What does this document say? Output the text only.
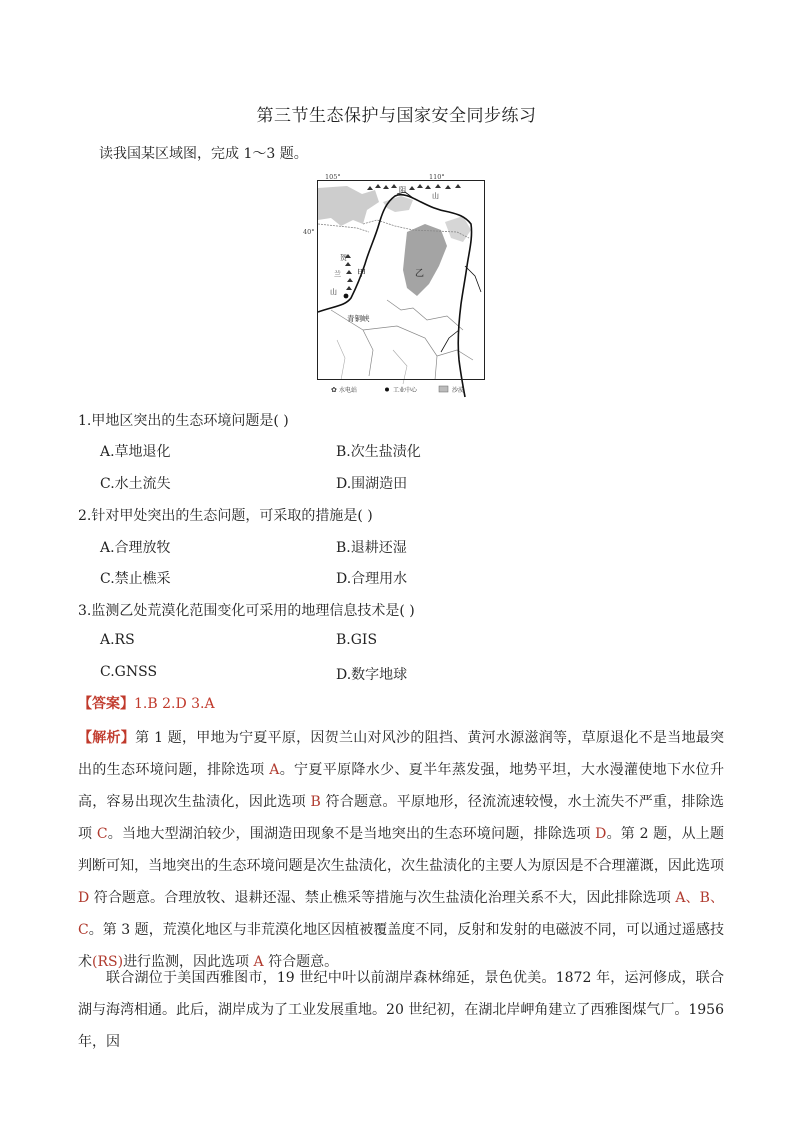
第三节生态保护与国家安全同步练习
读我国某区域图，完成 1～3 题。
105°	110°
40°
阴
山
贺
兰
山
甲	乙
青铜峡
✿ 水电站	工业中心	沙漠
1.甲地区突出的生态环境问题是( )
A.草地退化	B.次生盐渍化
C.水土流失	D.围湖造田
2.针对甲处突出的生态问题，可采取的措施是( )
A.合理放牧	B.退耕还湿
C.禁止樵采	D.合理用水
3.监测乙处荒漠化范围变化可采用的地理信息技术是( )
A.RS	B.GIS
C.GNSS	D.数字地球
【答案】1.B 2.D 3.A
【解析】第 1 题，甲地为宁夏平原，因贺兰山对风沙的阻挡、黄河水源滋润等，草原退化不是当地最突出的生态环境问题，排除选项 A。宁夏平原降水少、夏半年蒸发强，地势平坦，大水漫灌使地下水位升高，容易出现次生盐渍化，因此选项 B 符合题意。平原地形，径流流速较慢，水土流失不严重，排除选项 C。当地大型湖泊较少，围湖造田现象不是当地突出的生态环境问题，排除选项 D。第 2 题，从上题判断可知，当地突出的生态环境问题是次生盐渍化，次生盐渍化的主要人为原因是不合理灌溉，因此选项 D 符合题意。合理放牧、退耕还湿、禁止樵采等措施与次生盐渍化治理关系不大，因此排除选项 A、B、C。第 3 题，荒漠化地区与非荒漠化地区因植被覆盖度不同，反射和发射的电磁波不同，可以通过遥感技术(RS)进行监测，因此选项 A 符合题意。
联合湖位于美国西雅图市，19 世纪中叶以前湖岸森林绵延，景色优美。1872 年，运河修成，联合湖与海湾相通。此后，湖岸成为了工业发展重地。20 世纪初，在湖北岸岬角建立了西雅图煤气厂。1956 年，因
